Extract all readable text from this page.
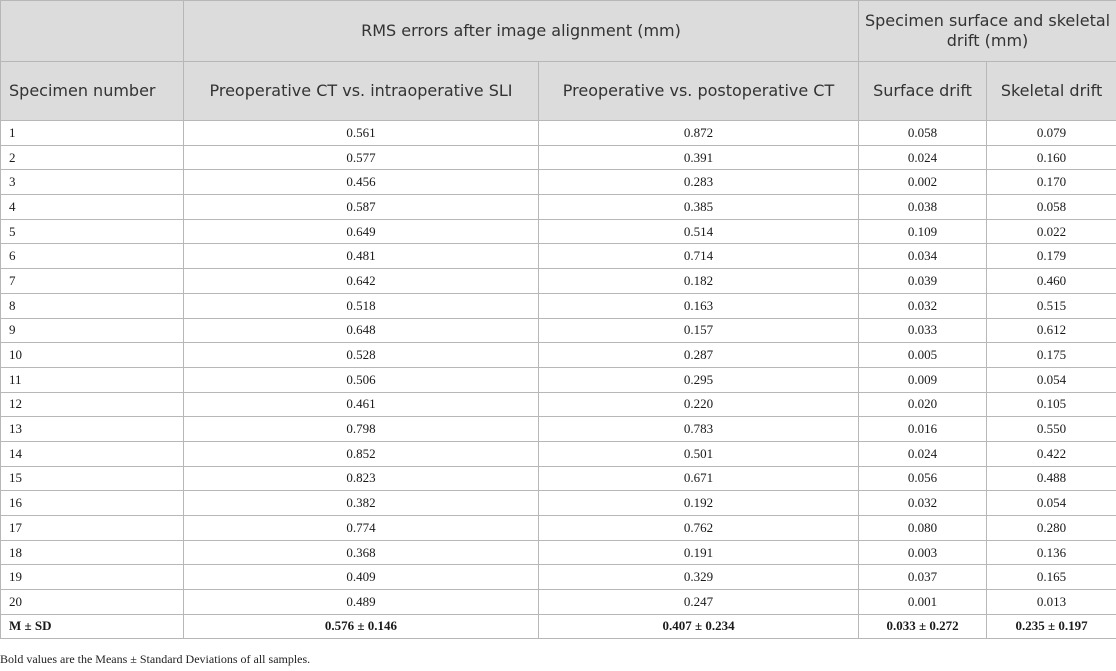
	RMS errors after image alignment (mm)		Specimen surface and skeletal drift (mm)	
Specimen number	Preoperative CT vs. intraoperative SLI	Preoperative vs. postoperative CT	Surface drift	Skeletal drift
1	0.561	0.872	0.058	0.079
2	0.577	0.391	0.024	0.160
3	0.456	0.283	0.002	0.170
4	0.587	0.385	0.038	0.058
5	0.649	0.514	0.109	0.022
6	0.481	0.714	0.034	0.179
7	0.642	0.182	0.039	0.460
8	0.518	0.163	0.032	0.515
9	0.648	0.157	0.033	0.612
10	0.528	0.287	0.005	0.175
11	0.506	0.295	0.009	0.054
12	0.461	0.220	0.020	0.105
13	0.798	0.783	0.016	0.550
14	0.852	0.501	0.024	0.422
15	0.823	0.671	0.056	0.488
16	0.382	0.192	0.032	0.054
17	0.774	0.762	0.080	0.280
18	0.368	0.191	0.003	0.136
19	0.409	0.329	0.037	0.165
20	0.489	0.247	0.001	0.013
M ± SD	0.576 ± 0.146	0.407 ± 0.234	0.033 ± 0.272	0.235 ± 0.197
Bold values are the Means ± Standard Deviations of all samples.
